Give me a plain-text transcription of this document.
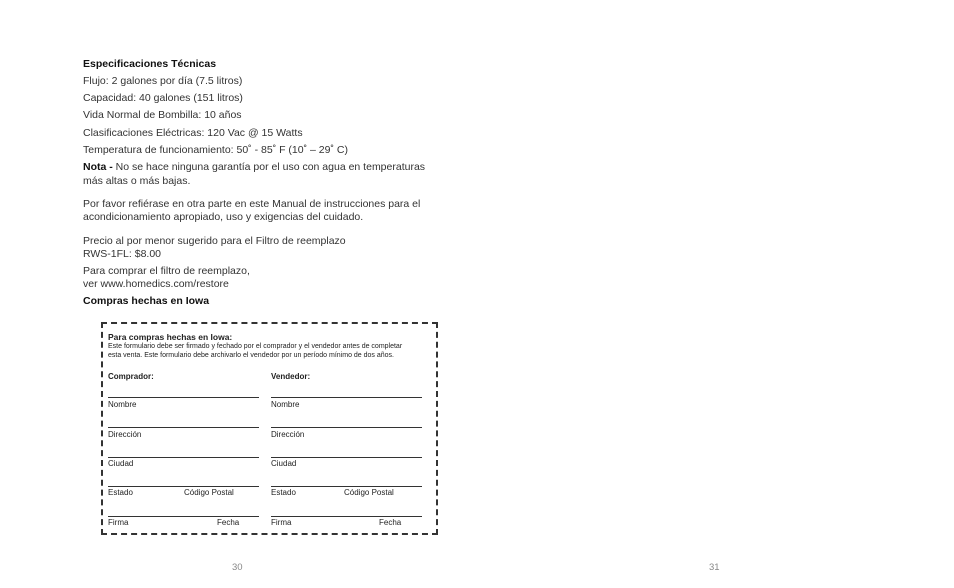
Especificaciones Técnicas
Flujo: 2 galones por día (7.5 litros)
Capacidad: 40 galones (151 litros)
Vida Normal de Bombilla: 10 años
Clasificaciones Eléctricas: 120 Vac @ 15 Watts
Temperatura de funcionamiento: 50˚ - 85˚ F (10˚ – 29˚ C)
Nota - No se hace ninguna garantía por el uso con agua en temperaturas
más altas o más bajas.
Por favor refiérase en otra parte en este Manual de instrucciones para el
acondicionamiento apropiado, uso y exigencias del cuidado.
Precio al por menor sugerido para el Filtro de reemplazo
RWS-1FL: $8.00
Para comprar el filtro de reemplazo,
ver www.homedics.com/restore
Compras hechas en Iowa
Para compras hechas en Iowa:
Este formulario debe ser firmado y fechado por el comprador y el vendedor antes de completar
esta venta. Este formulario debe archivarlo el vendedor por un período mínimo de dos años.
Comprador:	Vendedor:
Nombre	Nombre
Dirección	Dirección
Ciudad	Ciudad
Estado	Código Postal	Estado	Código Postal
Firma	Fecha	Firma	Fecha
30	31
